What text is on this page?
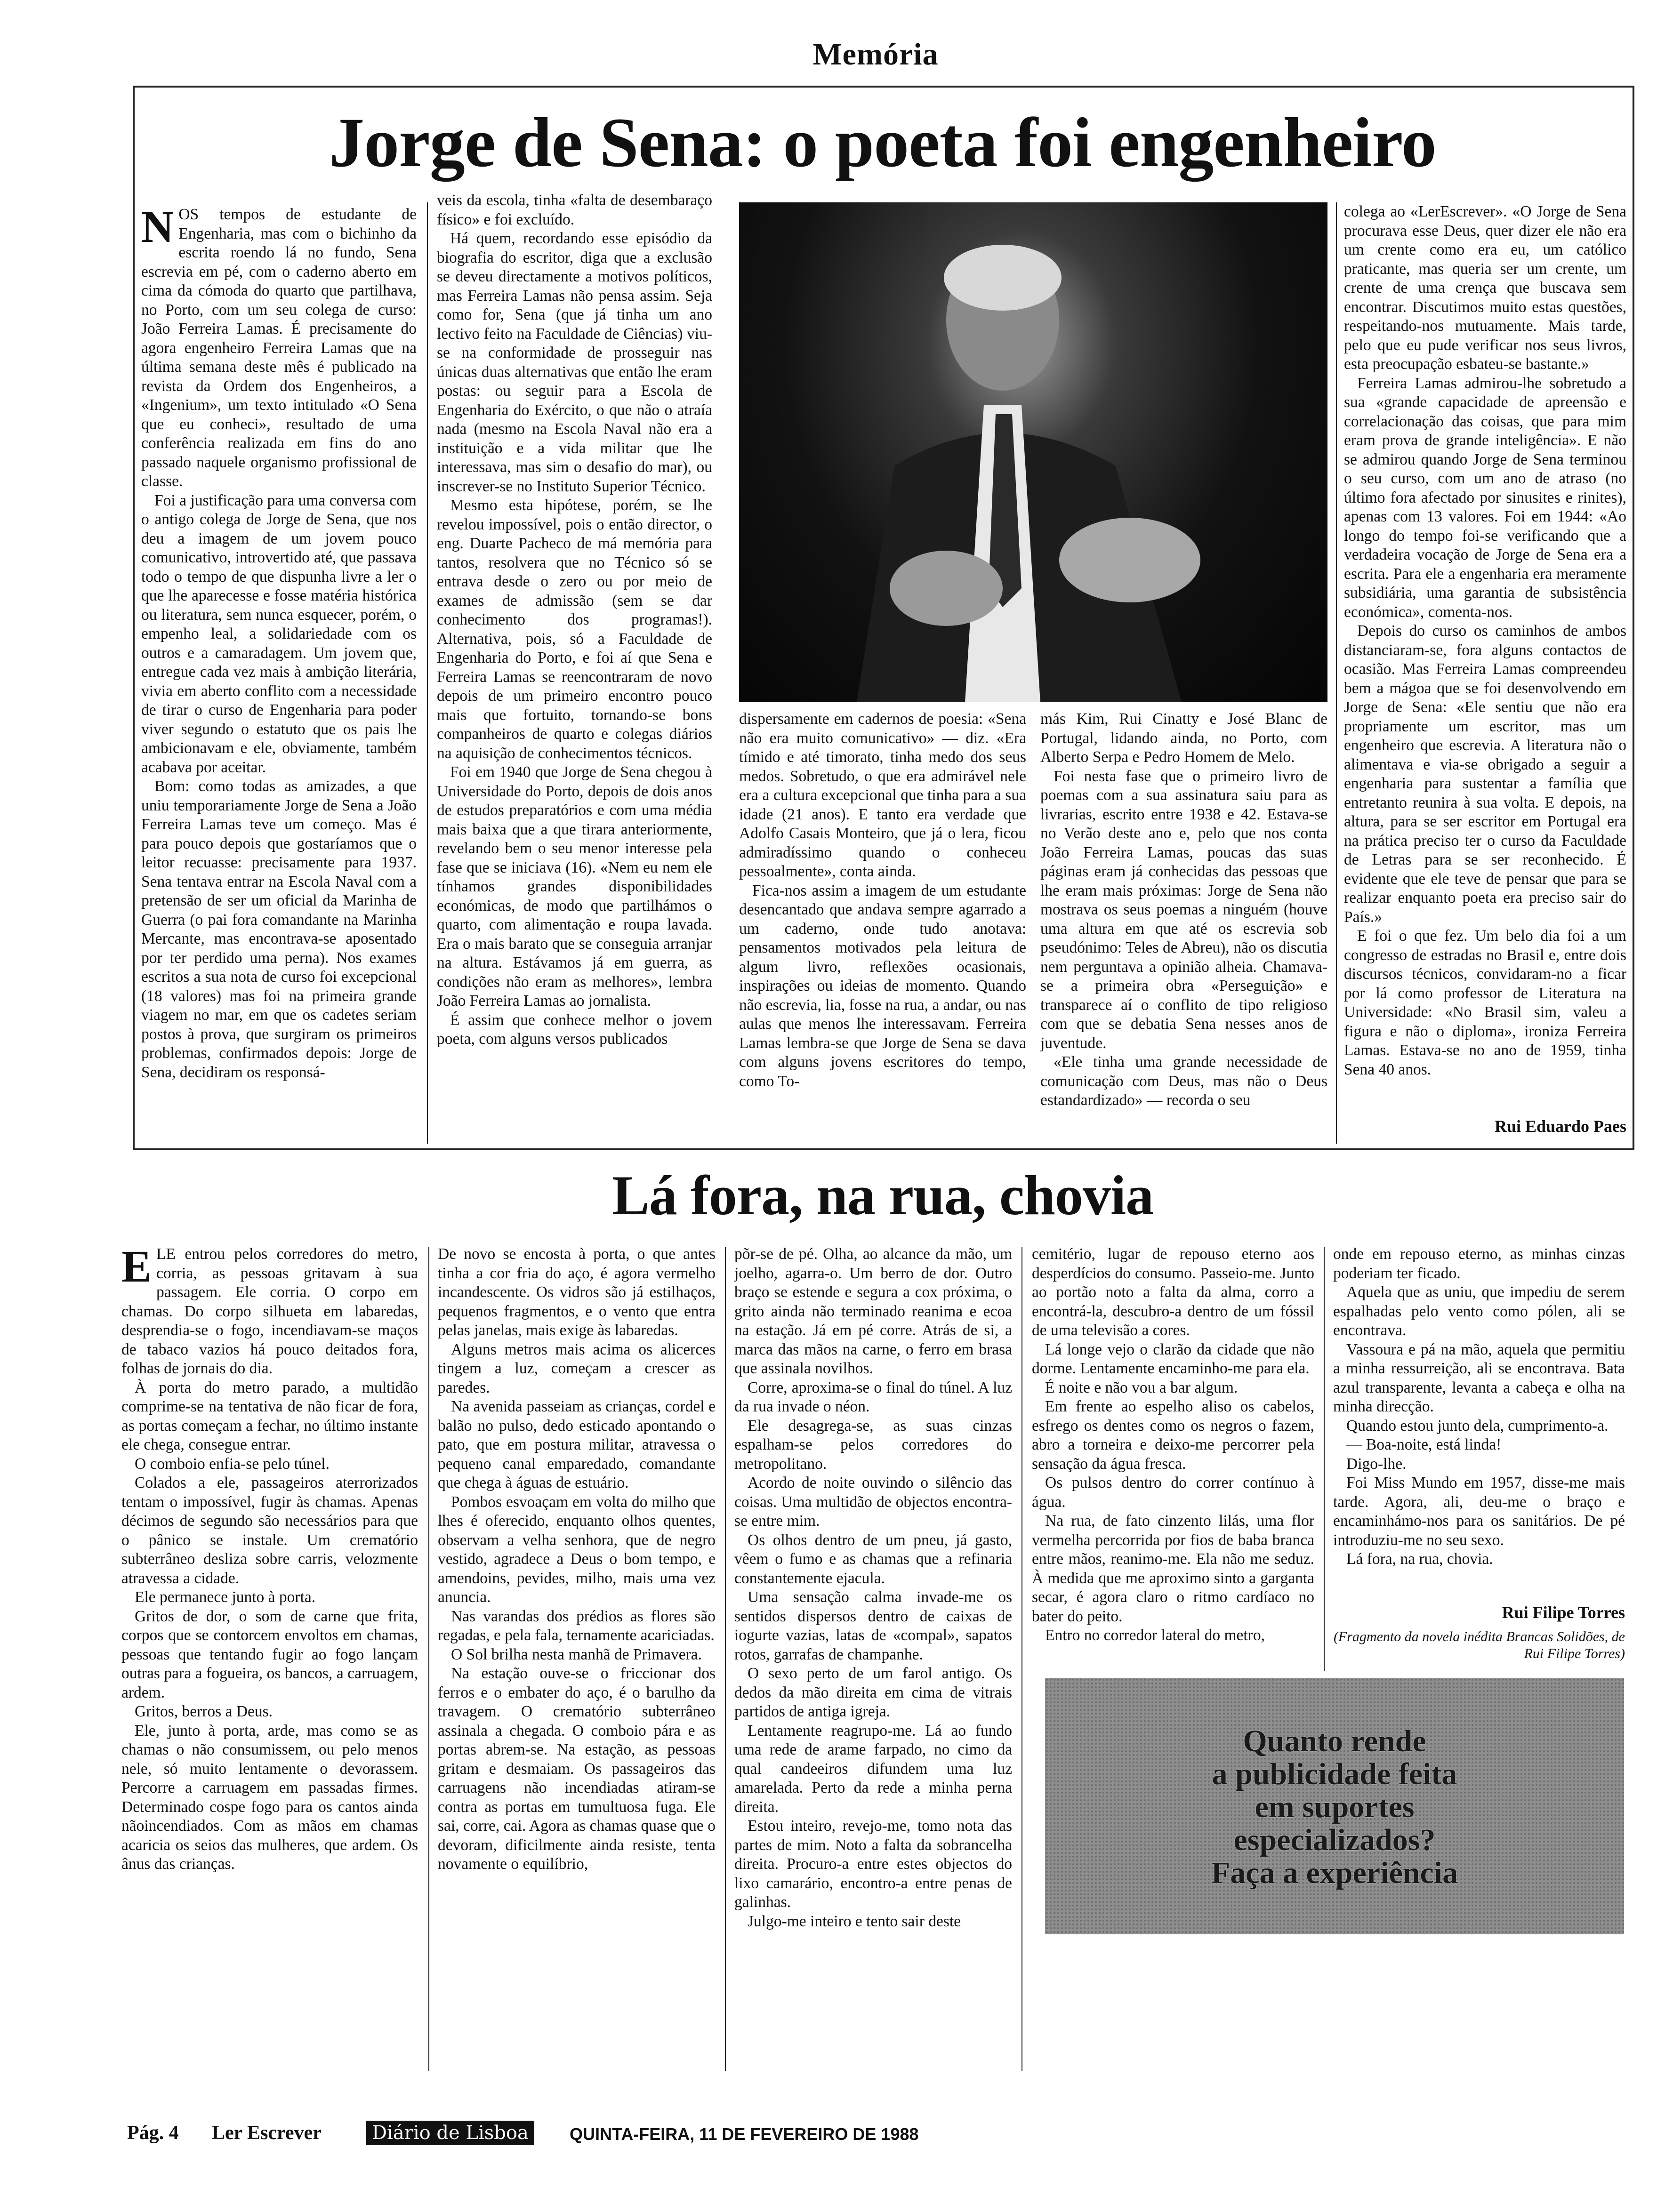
Memória
Jorge de Sena: o poeta foi engenheiro
N OS tempos de estudante de Engenharia, mas com o bichinho da escrita roendo lá no fundo, Sena escrevia em pé, com o caderno aberto em cima da cómoda do quarto que partilhava, no Porto, com um seu colega de curso: João Ferreira Lamas. É precisamente do agora engenheiro Ferreira Lamas que na última semana deste mês é publicado na revista da Ordem dos Engenheiros, a «Ingenium», um texto intitulado «O Sena que eu conheci», resultado de uma conferência realizada em fins do ano passado naquele organismo profissional de classe.

Foi a justificação para uma conversa com o antigo colega de Jorge de Sena, que nos deu a imagem de um jovem pouco comunicativo, introvertido até, que passava todo o tempo de que dispunha livre a ler o que lhe aparecesse e fosse matéria histórica ou literatura, sem nunca esquecer, porém, o empenho leal, a solidariedade com os outros e a camaradagem. Um jovem que, entregue cada vez mais à ambição literária, vivia em aberto conflito com a necessidade de tirar o curso de Engenharia para poder viver segundo o estatuto que os pais lhe ambicionavam e ele, obviamente, também acabava por aceitar.

Bom: como todas as amizades, a que uniu temporariamente Jorge de Sena a João Ferreira Lamas teve um começo. Mas é para pouco depois que gostaríamos que o leitor recuasse: precisamente para 1937. Sena tentava entrar na Escola Naval com a pretensão de ser um oficial da Marinha de Guerra (o pai fora comandante na Marinha Mercante, mas encontrava-se aposentado por ter perdido uma perna). Nos exames escritos a sua nota de curso foi excepcional (18 valores) mas foi na primeira grande viagem no mar, em que os cadetes seriam postos à prova, que surgiram os primeiros problemas, confirmados depois: Jorge de Sena, decidiram os responsá-

veis da escola, tinha «falta de desembaraço físico» e foi excluído.

Há quem, recordando esse episódio da biografia do escritor, diga que a exclusão se deveu directamente a motivos políticos, mas Ferreira Lamas não pensa assim. Seja como for, Sena (que já tinha um ano lectivo feito na Faculdade de Ciências) viu-se na conformidade de prosseguir nas únicas duas alternativas que então lhe eram postas: ou seguir para a Escola de Engenharia do Exército, o que não o atraía nada (mesmo na Escola Naval não era a instituição e a vida militar que lhe interessava, mas sim o desafio do mar), ou inscrever-se no Instituto Superior Técnico.

Mesmo esta hipótese, porém, se lhe revelou impossível, pois o então director, o eng. Duarte Pacheco de má memória para tantos, resolvera que no Técnico só se entrava desde o zero ou por meio de exames de admissão (sem se dar conhecimento dos programas!). Alternativa, pois, só a Faculdade de Engenharia do Porto, e foi aí que Sena e Ferreira Lamas se reencontraram de novo depois de um primeiro encontro pouco mais que fortuito, tornando-se bons companheiros de quarto e colegas diários na aquisição de conhecimentos técnicos.

Foi em 1940 que Jorge de Sena chegou à Universidade do Porto, depois de dois anos de estudos preparatórios e com uma média mais baixa que a que tirara anteriormente, revelando bem o seu menor interesse pela fase que se iniciava (16). «Nem eu nem ele tínhamos grandes disponibilidades económicas, de modo que partilhámos o quarto, com alimentação e roupa lavada. Era o mais barato que se conseguia arranjar na altura. Estávamos já em guerra, as condições não eram as melhores», lembra João Ferreira Lamas ao jornalista.

É assim que conhece melhor o jovem poeta, com alguns versos publicados

dispersamente em cadernos de poesia: «Sena não era muito comunicativo» — diz. «Era tímido e até timorato, tinha medo dos seus medos. Sobretudo, o que era admirável nele era a cultura excepcional que tinha para a sua idade (21 anos). E tanto era verdade que Adolfo Casais Monteiro, que já o lera, ficou admiradíssimo quando o conheceu pessoalmente», conta ainda.

Fica-nos assim a imagem de um estudante desencantado que andava sempre agarrado a um caderno, onde tudo anotava: pensamentos motivados pela leitura de algum livro, reflexões ocasionais, inspirações ou ideias de momento. Quando não escrevia, lia, fosse na rua, a andar, ou nas aulas que menos lhe interessavam. Ferreira Lamas lembra-se que Jorge de Sena se dava com alguns jovens escritores do tempo, como To-

más Kim, Rui Cinatty e José Blanc de Portugal, lidando ainda, no Porto, com Alberto Serpa e Pedro Homem de Melo.

Foi nesta fase que o primeiro livro de poemas com a sua assinatura saiu para as livrarias, escrito entre 1938 e 42. Estava-se no Verão deste ano e, pelo que nos conta João Ferreira Lamas, poucas das suas páginas eram já conhecidas das pessoas que lhe eram mais próximas: Jorge de Sena não mostrava os seus poemas a ninguém (houve uma altura em que até os escrevia sob pseudónimo: Teles de Abreu), não os discutia nem perguntava a opinião alheia. Chamava-se a primeira obra «Perseguição» e transparece aí o conflito de tipo religioso com que se debatia Sena nesses anos de juventude.

«Ele tinha uma grande necessidade de comunicação com Deus, mas não o Deus estandardizado» — recorda o seu

colega ao «LerEscrever». «O Jorge de Sena procurava esse Deus, quer dizer ele não era um crente como era eu, um católico praticante, mas queria ser um crente, um crente de uma crença que buscava sem encontrar. Discutimos muito estas questões, respeitando-nos mutuamente. Mais tarde, pelo que eu pude verificar nos seus livros, esta preocupação esbateu-se bastante.»

Ferreira Lamas admirou-lhe sobretudo a sua «grande capacidade de apreensão e correlacionação das coisas, que para mim eram prova de grande inteligência». E não se admirou quando Jorge de Sena terminou o seu curso, com um ano de atraso (no último fora afectado por sinusites e rinites), apenas com 13 valores. Foi em 1944: «Ao longo do tempo foi-se verificando que a verdadeira vocação de Jorge de Sena era a escrita. Para ele a engenharia era meramente subsidiária, uma garantia de subsistência económica», comenta-nos.

Depois do curso os caminhos de ambos distanciaram-se, fora alguns contactos de ocasião. Mas Ferreira Lamas compreendeu bem a mágoa que se foi desenvolvendo em Jorge de Sena: «Ele sentiu que não era propriamente um escritor, mas um engenheiro que escrevia. A literatura não o alimentava e via-se obrigado a seguir a engenharia para sustentar a família que entretanto reunira à sua volta. E depois, na altura, para se ser escritor em Portugal era na prática preciso ter o curso da Faculdade de Letras para se ser reconhecido. É evidente que ele teve de pensar que para se realizar enquanto poeta era preciso sair do País.»

E foi o que fez. Um belo dia foi a um congresso de estradas no Brasil e, entre dois discursos técnicos, convidaram-no a ficar por lá como professor de Literatura na Universidade: «No Brasil sim, valeu a figura e não o diploma», ironiza Ferreira Lamas. Estava-se no ano de 1959, tinha Sena 40 anos.

Rui Eduardo Paes
Lá fora, na rua, chovia
E LE entrou pelos corredores do metro, corria, as pessoas gritavam à sua passagem. Ele corria. O corpo em chamas. Do corpo silhueta em labaredas, desprendia-se o fogo, incendiavam-se maços de tabaco vazios há pouco deitados fora, folhas de jornais do dia.

À porta do metro parado, a multidão comprime-se na tentativa de não ficar de fora, as portas começam a fechar, no último instante ele chega, consegue entrar.

O comboio enfia-se pelo túnel.

Colados a ele, passageiros aterrorizados tentam o impossível, fugir às chamas. Apenas décimos de segundo são necessários para que o pânico se instale. Um crematório subterrâneo desliza sobre carris, velozmente atravessa a cidade.

Ele permanece junto à porta.

Gritos de dor, o som de carne que frita, corpos que se contorcem envoltos em chamas, pessoas que tentando fugir ao fogo lançam outras para a fogueira, os bancos, a carruagem, ardem.

Gritos, berros a Deus.

Ele, junto à porta, arde, mas como se as chamas o não consumissem, ou pelo menos nele, só muito lentamente o devorassem. Percorre a carruagem em passadas firmes. Determinado cospe fogo para os cantos ainda nãoincendiados. Com as mãos em chamas acaricia os seios das mulheres, que ardem. Os ânus das crianças.

De novo se encosta à porta, o que antes tinha a cor fria do aço, é agora vermelho incandescente. Os vidros são já estilhaços, pequenos fragmentos, e o vento que entra pelas janelas, mais exige às labaredas.

Alguns metros mais acima os alicerces tingem a luz, começam a crescer as paredes.

Na avenida passeiam as crianças, cordel e balão no pulso, dedo esticado apontando o pato, que em postura militar, atravessa o pequeno canal emparedado, comandante que chega à águas de estuário.

Pombos esvoaçam em volta do milho que lhes é oferecido, enquanto olhos quentes, observam a velha senhora, que de negro vestido, agradece a Deus o bom tempo, e amendoins, pevides, milho, mais uma vez anuncia.

Nas varandas dos prédios as flores são regadas, e pela fala, ternamente acariciadas.

O Sol brilha nesta manhã de Primavera.

Na estação ouve-se o friccionar dos ferros e o embater do aço, é o barulho da travagem. O crematório subterrâneo assinala a chegada. O comboio pára e as portas abrem-se. Na estação, as pessoas gritam e desmaiam. Os passageiros das carruagens não incendiadas atiram-se contra as portas em tumultuosa fuga. Ele sai, corre, cai. Agora as chamas quase que o devoram, dificilmente ainda resiste, tenta novamente o equilíbrio,

põr-se de pé. Olha, ao alcance da mão, um joelho, agarra-o. Um berro de dor. Outro braço se estende e segura a cox próxima, o grito ainda não terminado reanima e ecoa na estação. Já em pé corre. Atrás de si, a marca das mãos na carne, o ferro em brasa que assinala novilhos.

Corre, aproxima-se o final do túnel. A luz da rua invade o néon.

Ele desagrega-se, as suas cinzas espalham-se pelos corredores do metropolitano.

Acordo de noite ouvindo o silêncio das coisas. Uma multidão de objectos encontra-se entre mim.

Os olhos dentro de um pneu, já gasto, vêem o fumo e as chamas que a refinaria constantemente ejacula.

Uma sensação calma invade-me os sentidos dispersos dentro de caixas de iogurte vazias, latas de «compal», sapatos rotos, garrafas de champanhe.

O sexo perto de um farol antigo. Os dedos da mão direita em cima de vitrais partidos de antiga igreja.

Lentamente reagrupo-me. Lá ao fundo uma rede de arame farpado, no cimo da qual candeeiros difundem uma luz amarelada. Perto da rede a minha perna direita.

Estou inteiro, revejo-me, tomo nota das partes de mim. Noto a falta da sobrancelha direita. Procuro-a entre estes objectos do lixo camarário, encontro-a entre penas de galinhas.

Julgo-me inteiro e tento sair deste

cemitério, lugar de repouso eterno aos desperdícios do consumo. Passeio-me. Junto ao portão noto a falta da alma, corro a encontrá-la, descubro-a dentro de um fóssil de uma televisão a cores.

Lá longe vejo o clarão da cidade que não dorme. Lentamente encaminho-me para ela.

É noite e não vou a bar algum.

Em frente ao espelho aliso os cabelos, esfrego os dentes como os negros o fazem, abro a torneira e deixo-me percorrer pela sensação da água fresca.

Os pulsos dentro do correr contínuo à água.

Na rua, de fato cinzento lilás, uma flor vermelha percorrida por fios de baba branca entre mãos, reanimo-me. Ela não me seduz. À medida que me aproximo sinto a garganta secar, é agora claro o ritmo cardíaco no bater do peito.

Entro no corredor lateral do metro,

onde em repouso eterno, as minhas cinzas poderiam ter ficado.

Aquela que as uniu, que impediu de serem espalhadas pelo vento como pólen, ali se encontrava.

Vassoura e pá na mão, aquela que permitiu a minha ressurreição, ali se encontrava. Bata azul transparente, levanta a cabeça e olha na minha direcção.

Quando estou junto dela, cumprimento-a.

— Boa-noite, está linda!

Digo-lhe.

Foi Miss Mundo em 1957, disse-me mais tarde. Agora, ali, deu-me o braço e encaminhámo-nos para os sanitários. De pé introduziu-me no seu sexo.

Lá fora, na rua, chovia.

Rui Filipe Torres
(Fragmento da novela inédita Brancas Solidões, de Rui Filipe Torres)
Quanto rende
a publicidade feita
em suportes
especializados?
Faça a experiência
Pág. 4 Ler Escrever	Diário de Lisboa	QUINTA-FEIRA, 11 DE FEVEREIRO DE 1988
